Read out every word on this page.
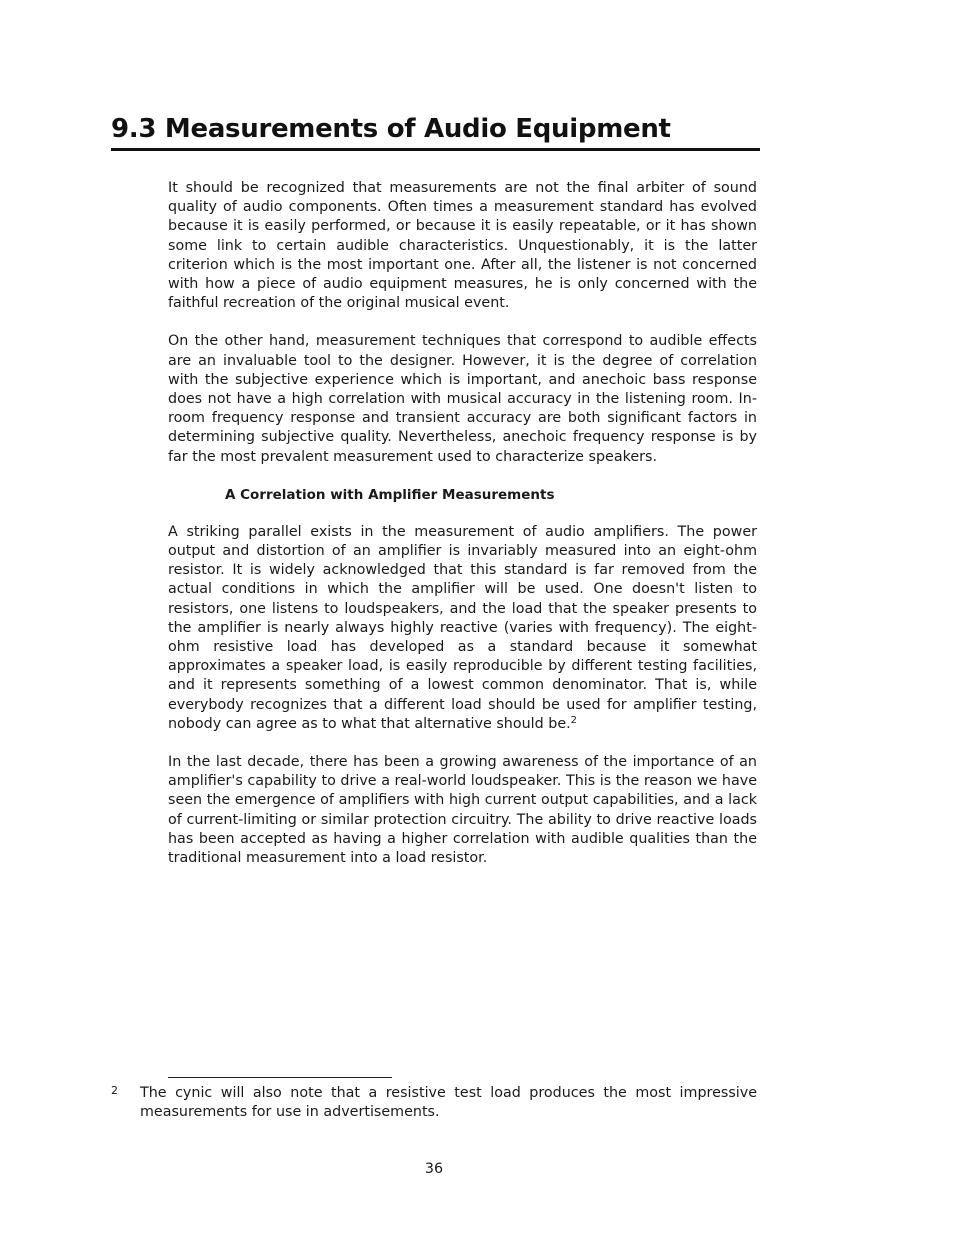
9.3 Measurements of Audio Equipment

It should be recognized that measurements are not the final arbiter of sound quality of audio components. Often times a measurement standard has evolved because it is easily performed, or because it is easily repeatable, or it has shown some link to certain audible characteristics. Unquestionably, it is the latter criterion which is the most important one. After all, the listener is not concerned with how a piece of audio equipment measures, he is only concerned with the faithful recreation of the original musical event.

On the other hand, measurement techniques that correspond to audible effects are an invaluable tool to the designer. However, it is the degree of correlation with the subjective experience which is important, and anechoic bass response does not have a high correlation with musical accuracy in the listening room. In-room frequency response and transient accuracy are both significant factors in determining subjective quality. Nevertheless, anechoic frequency response is by far the most prevalent measurement used to characterize speakers.

A Correlation with Amplifier Measurements

A striking parallel exists in the measurement of audio amplifiers. The power output and distortion of an amplifier is invariably measured into an eight-ohm resistor. It is widely acknowledged that this standard is far removed from the actual conditions in which the amplifier will be used. One doesn't listen to resistors, one listens to loudspeakers, and the load that the speaker presents to the amplifier is nearly always highly reactive (varies with frequency). The eight-ohm resistive load has developed as a standard because it somewhat approximates a speaker load, is easily reproducible by different testing facilities, and it represents something of a lowest common denominator. That is, while everybody recognizes that a different load should be used for amplifier testing, nobody can agree as to what that alternative should be.$^2$

In the last decade, there has been a growing awareness of the importance of an amplifier's capability to drive a real-world loudspeaker. This is the reason we have seen the emergence of amplifiers with high current output capabilities, and a lack of current-limiting or similar protection circuitry. The ability to drive reactive loads has been accepted as having a higher correlation with audible qualities than the traditional measurement into a load resistor.

2 The cynic will also note that a resistive test load produces the most impressive measurements for use in advertisements.

36
